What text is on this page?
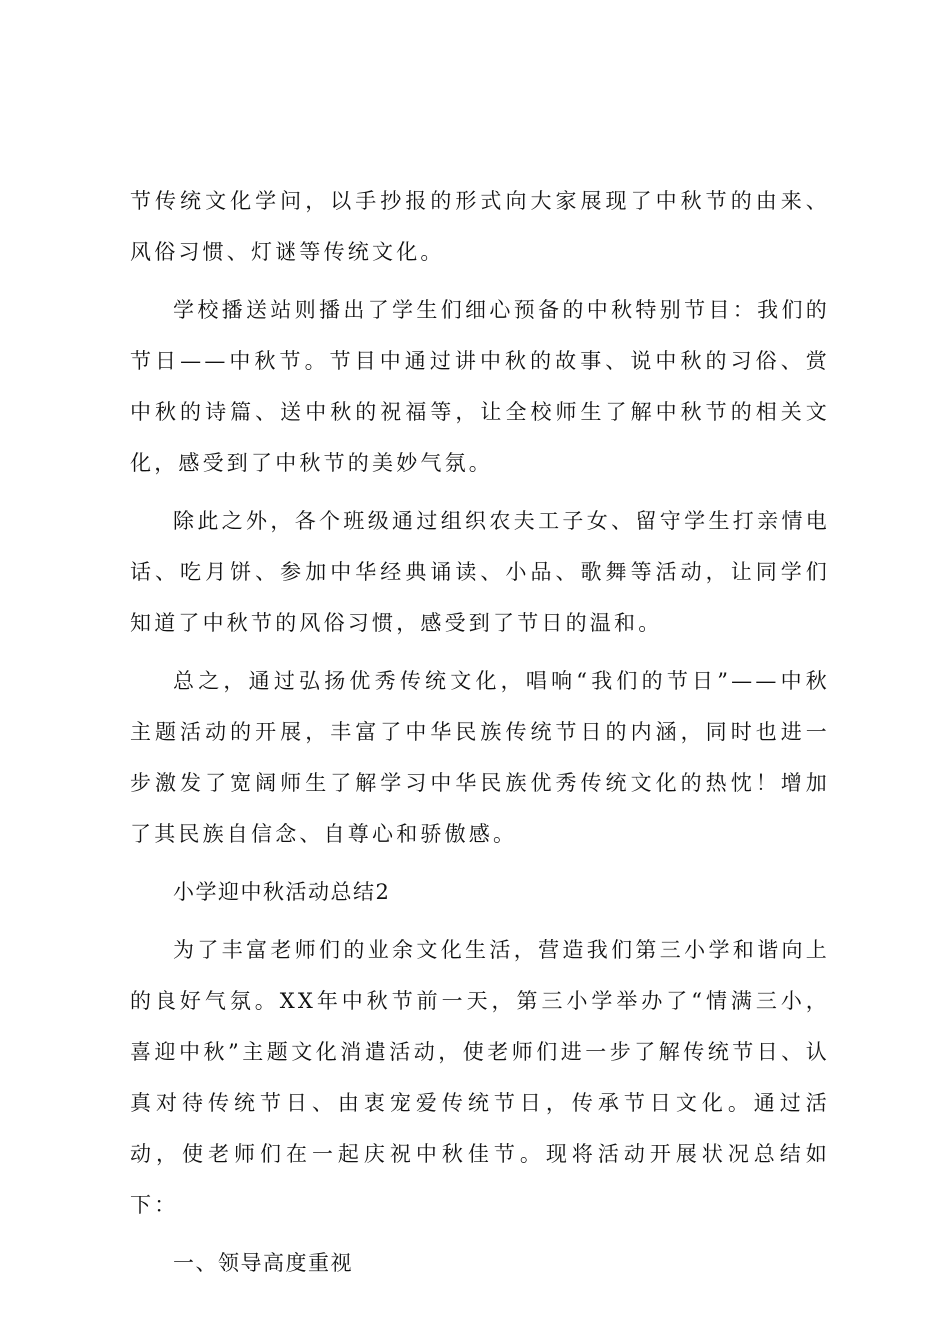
节传统文化学问，以手抄报的形式向大家展现了中秋节的由来、风俗习惯、灯谜等传统文化。

学校播送站则播出了学生们细心预备的中秋特别节目：我们的节日——中秋节。节目中通过讲中秋的故事、说中秋的习俗、赏中秋的诗篇、送中秋的祝福等，让全校师生了解中秋节的相关文化，感受到了中秋节的美妙气氛。

除此之外，各个班级通过组织农夫工子女、留守学生打亲情电话、吃月饼、参加中华经典诵读、小品、歌舞等活动，让同学们知道了中秋节的风俗习惯，感受到了节日的温和。

总之，通过弘扬优秀传统文化，唱响“我们的节日”——中秋主题活动的开展，丰富了中华民族传统节日的内涵，同时也进一步激发了宽阔师生了解学习中华民族优秀传统文化的热忱！增加了其民族自信念、自尊心和骄傲感。

小学迎中秋活动总结2

为了丰富老师们的业余文化生活，营造我们第三小学和谐向上的良好气氛。XX年中秋节前一天，第三小学举办了“情满三小，喜迎中秋”主题文化消遣活动，使老师们进一步了解传统节日、认真对待传统节日、由衷宠爱传统节日，传承节日文化。通过活动，使老师们在一起庆祝中秋佳节。现将活动开展状况总结如下：

一、领导高度重视
